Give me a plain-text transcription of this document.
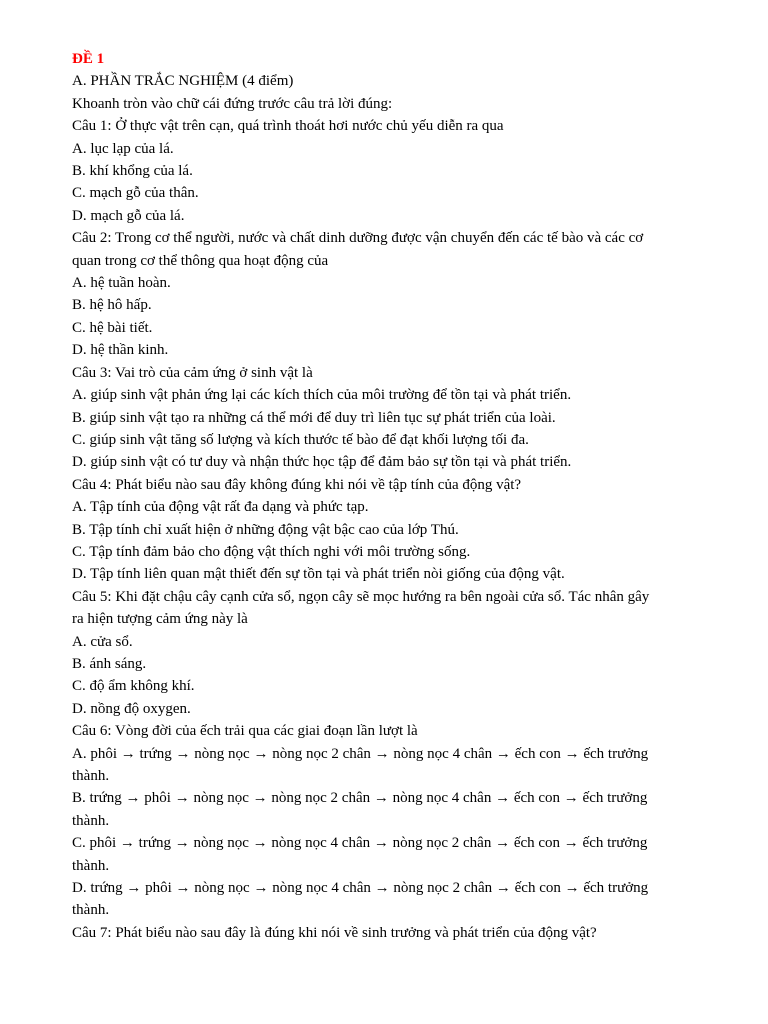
ĐỀ 1
A. PHẦN TRẮC NGHIỆM (4 điểm)
Khoanh tròn vào chữ cái đứng trước câu trả lời đúng:
Câu 1: Ở thực vật trên cạn, quá trình thoát hơi nước chủ yếu diễn ra qua
A. lục lạp của lá.
B. khí khổng của lá.
C. mạch gỗ của thân.
D. mạch gỗ của lá.
Câu 2: Trong cơ thể người, nước và chất dinh dưỡng được vận chuyển đến các tế bào và các cơ
quan trong cơ thể thông qua hoạt động của
A. hệ tuần hoàn.
B. hệ hô hấp.
C. hệ bài tiết.
D. hệ thần kinh.
Câu 3: Vai trò của cảm ứng ở sinh vật là
A. giúp sinh vật phản ứng lại các kích thích của môi trường để tồn tại và phát triển.
B. giúp sinh vật tạo ra những cá thể mới để duy trì liên tục sự phát triển của loài.
C. giúp sinh vật tăng số lượng và kích thước tế bào để đạt khối lượng tối đa.
D. giúp sinh vật có tư duy và nhận thức học tập để đảm bảo sự tồn tại và phát triển.
Câu 4: Phát biểu nào sau đây không đúng khi nói về tập tính của động vật?
A. Tập tính của động vật rất đa dạng và phức tạp.
B. Tập tính chỉ xuất hiện ở những động vật bậc cao của lớp Thú.
C. Tập tính đảm bảo cho động vật thích nghi với môi trường sống.
D. Tập tính liên quan mật thiết đến sự tồn tại và phát triển nòi giống của động vật.
Câu 5: Khi đặt chậu cây cạnh cửa sổ, ngọn cây sẽ mọc hướng ra bên ngoài cửa sổ. Tác nhân gây
ra hiện tượng cảm ứng này là
A. cửa sổ.
B. ánh sáng.
C. độ ẩm không khí.
D. nồng độ oxygen.
Câu 6: Vòng đời của ếch trải qua các giai đoạn lần lượt là
A. phôi → trứng → nòng nọc → nòng nọc 2 chân → nòng nọc 4 chân → ếch con → ếch trưởng
thành.
B. trứng → phôi → nòng nọc → nòng nọc 2 chân → nòng nọc 4 chân → ếch con → ếch trưởng
thành.
C. phôi → trứng → nòng nọc → nòng nọc 4 chân → nòng nọc 2 chân → ếch con → ếch trưởng
thành.
D. trứng → phôi → nòng nọc → nòng nọc 4 chân → nòng nọc 2 chân → ếch con → ếch trưởng
thành.
Câu 7: Phát biểu nào sau đây là đúng khi nói về sinh trưởng và phát triển của động vật?
